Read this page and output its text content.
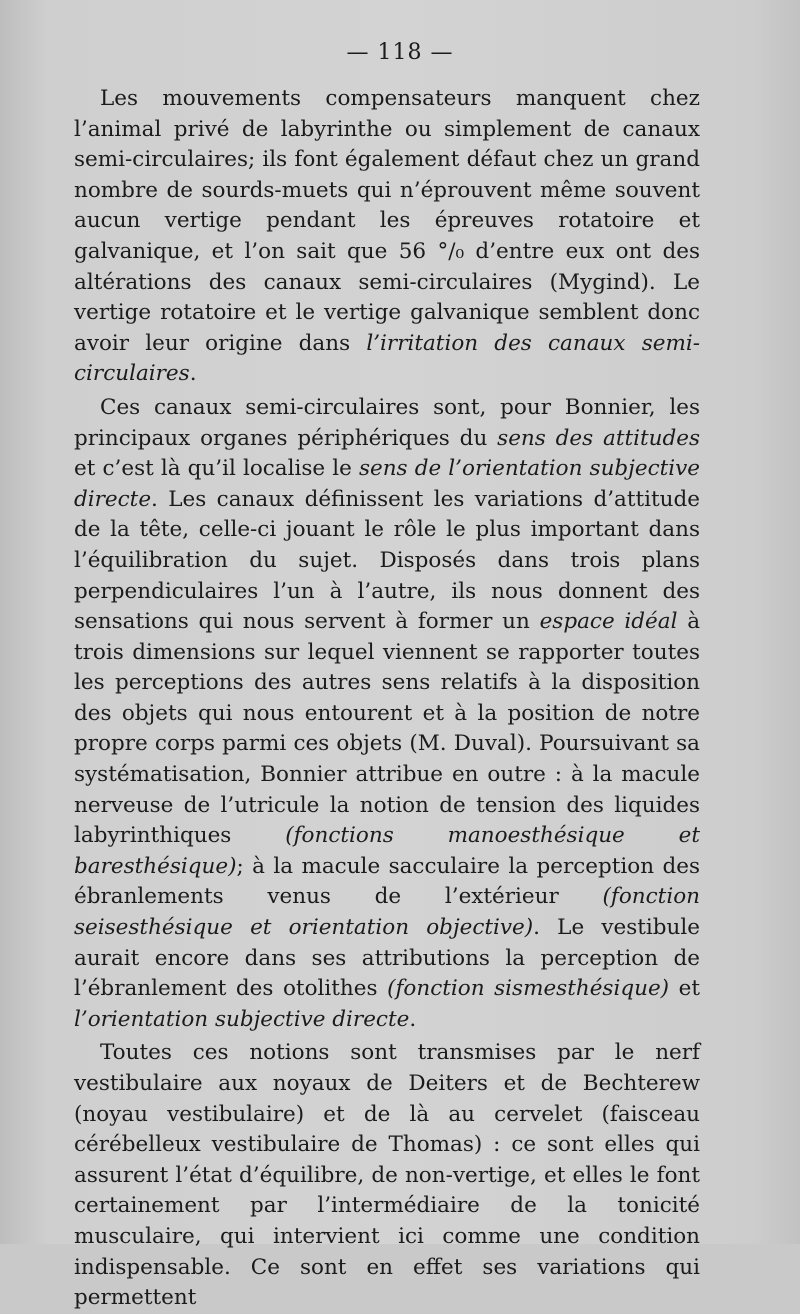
— 118 —

Les mouvements compensateurs manquent chez l’animal privé de labyrinthe ou simplement de canaux semi-circulaires; ils font également défaut chez un grand nombre de sourds-muets qui n’éprouvent même souvent aucun vertige pendant les épreuves rotatoire et galvanique, et l’on sait que 56 °/₀ d’entre eux ont des altérations des canaux semi-circulaires (Mygind). Le vertige rotatoire et le vertige galvanique semblent donc avoir leur origine dans l’irritation des canaux semi-circulaires.

Ces canaux semi-circulaires sont, pour Bonnier, les principaux organes périphériques du sens des attitudes et c’est là qu’il localise le sens de l’orientation subjective directe. Les canaux définissent les variations d’attitude de la tête, celle-ci jouant le rôle le plus important dans l’équilibration du sujet. Disposés dans trois plans perpendiculaires l’un à l’autre, ils nous donnent des sensations qui nous servent à former un espace idéal à trois dimensions sur lequel viennent se rapporter toutes les perceptions des autres sens relatifs à la disposition des objets qui nous entourent et à la position de notre propre corps parmi ces objets (M. Duval). Poursuivant sa systématisation, Bonnier attribue en outre : à la macule nerveuse de l’utricule la notion de tension des liquides labyrinthiques (fonctions manoesthésique et baresthésique); à la macule sacculaire la perception des ébranlements venus de l’extérieur (fonction seisesthésique et orientation objective). Le vestibule aurait encore dans ses attributions la perception de l’ébranlement des otolithes (fonction sismesthésique) et l’orientation subjective directe.

Toutes ces notions sont transmises par le nerf vestibulaire aux noyaux de Deiters et de Bechterew (noyau vestibulaire) et de là au cervelet (faisceau cérébelleux vestibulaire de Thomas) : ce sont elles qui assurent l’état d’équilibre, de non-vertige, et elles le font certainement par l’intermédiaire de la tonicité musculaire, qui intervient ici comme une condition indispensable. Ce sont en effet ses variations qui permettent
